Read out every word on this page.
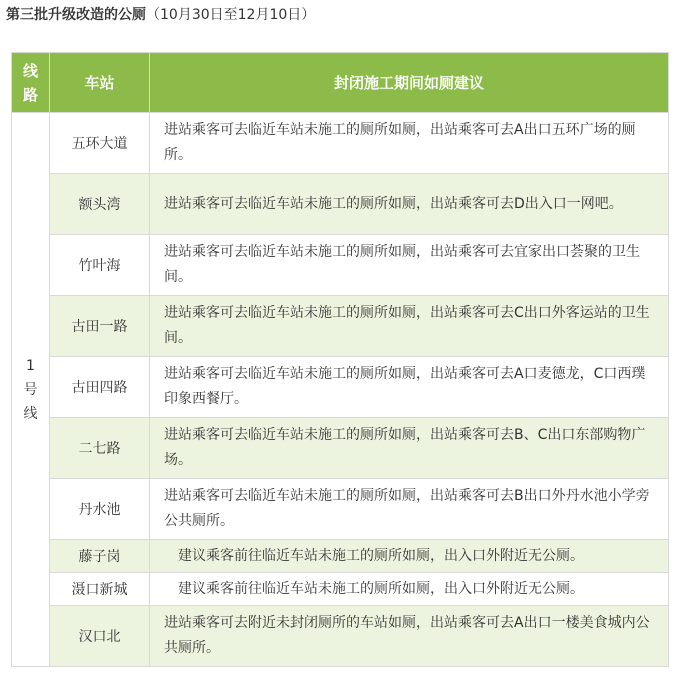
第三批升级改造的公厕（10月30日至12月10日）
线
路	车站	封闭施工期间如厕建议
1
号
线	五环大道	进站乘客可去临近车站未施工的厕所如厕，出站乘客可去A出口五环广场的厕所。
	额头湾	进站乘客可去临近车站未施工的厕所如厕，出站乘客可去D出入口一网吧。
	竹叶海	进站乘客可去临近车站未施工的厕所如厕，出站乘客可去宜家出口荟聚的卫生间。
	古田一路	进站乘客可去临近车站未施工的厕所如厕，出站乘客可去C出口外客运站的卫生间。
	古田四路	进站乘客可去临近车站未施工的厕所如厕，出站乘客可去A口麦德龙，C口西璞印象西餐厅。
	二七路	进站乘客可去临近车站未施工的厕所如厕，出站乘客可去B、C出口东部购物广场。
	丹水池	进站乘客可去临近车站未施工的厕所如厕，出站乘客可去B出口外丹水池小学旁公共厕所。
	藤子岗	建议乘客前往临近车站未施工的厕所如厕，出入口外附近无公厕。
	滠口新城	建议乘客前往临近车站未施工的厕所如厕，出入口外附近无公厕。
	汉口北	进站乘客可去附近未封闭厕所的车站如厕，出站乘客可去A出口一楼美食城内公共厕所。
